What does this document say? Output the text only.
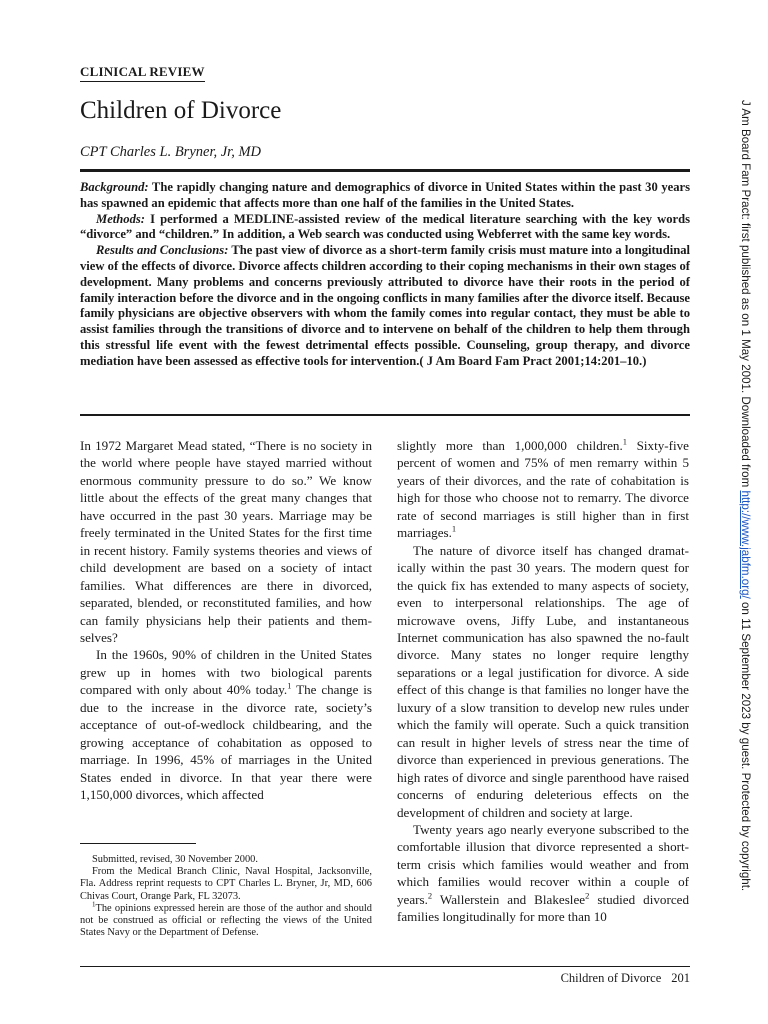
CLINICAL REVIEW
Children of Divorce
CPT Charles L. Bryner, Jr, MD

Background: The rapidly changing nature and demographics of divorce in United States within the past 30 years has spawned an epidemic that affects more than one half of the families in the United States.

Methods: I performed a MEDLINE-assisted review of the medical literature searching with the key words “divorce” and “children.” In addition, a Web search was conducted using Webferret with the same key words.

Results and Conclusions: The past view of divorce as a short-term family crisis must mature into a longitudinal view of the effects of divorce. Divorce affects children according to their coping mechanisms in their own stages of development. Many problems and concerns previously attributed to divorce have their roots in the period of family interaction before the divorce and in the ongoing conflicts in many families after the divorce itself. Because family physicians are objective observers with whom the family comes into regular contact, they must be able to assist families through the transitions of divorce and to intervene on behalf of the children to help them through this stressful life event with the fewest detrimental effects possible. Counseling, group therapy, and divorce mediation have been assessed as effective tools for intervention.( J Am Board Fam Pract 2001;14:201–10.)

In 1972 Margaret Mead stated, “There is no society in the world where people have stayed married without enormous community pressure to do so.” We know little about the effects of the great many changes that have occurred in the past 30 years. Marriage may be freely terminated in the United States for the first time in recent history. Family systems theories and views of child development are based on a society of intact families. What differences are there in divorced, separated, blended, or reconstituted families, and how can family physicians help their patients and themselves?

In the 1960s, 90% of children in the United States grew up in homes with two biological parents compared with only about 40% today.$^1$ The change is due to the increase in the divorce rate, society’s acceptance of out-of-wedlock childbearing, and the growing acceptance of cohabitation as opposed to marriage. In 1996, 45% of marriages in the United States ended in divorce. In that year there were 1,150,000 divorces, which affected

Submitted, revised, 30 November 2000.

From the Medical Branch Clinic, Naval Hospital, Jacksonville, Fla. Address reprint requests to CPT Charles L. Bryner, Jr, MD, 606 Chivas Court, Orange Park, FL 32073.

$^1$The opinions expressed herein are those of the author and should not be construed as official or reflecting the views of the United States Navy or the Department of Defense.

slightly more than 1,000,000 children.$^1$ Sixty-five percent of women and 75% of men remarry within 5 years of their divorces, and the rate of cohabitation is high for those who choose not to remarry. The divorce rate of second marriages is still higher than in first marriages.$^1$

The nature of divorce itself has changed dramatically within the past 30 years. The modern quest for the quick fix has extended to many aspects of society, even to interpersonal relationships. The age of microwave ovens, Jiffy Lube, and instantaneous Internet communication has also spawned the no-fault divorce. Many states no longer require lengthy separations or a legal justification for divorce. A side effect of this change is that families no longer have the luxury of a slow transition to develop new rules under which the family will operate. Such a quick transition can result in higher levels of stress near the time of divorce than experienced in previous generations. The high rates of divorce and single parenthood have raised concerns of enduring deleterious effects on the development of children and society at large.

Twenty years ago nearly everyone subscribed to the comfortable illusion that divorce represented a short-term crisis which families would weather and from which families would recover within a couple of years.$^2$ Wallerstein and Blakeslee$^2$ studied divorced families longitudinally for more than 10

Children of Divorce 201
J Am Board Fam Pract: first published as on 1 May 2001. Downloaded from http://www.jabfm.org/ on 11 September 2023 by guest. Protected by copyright.
